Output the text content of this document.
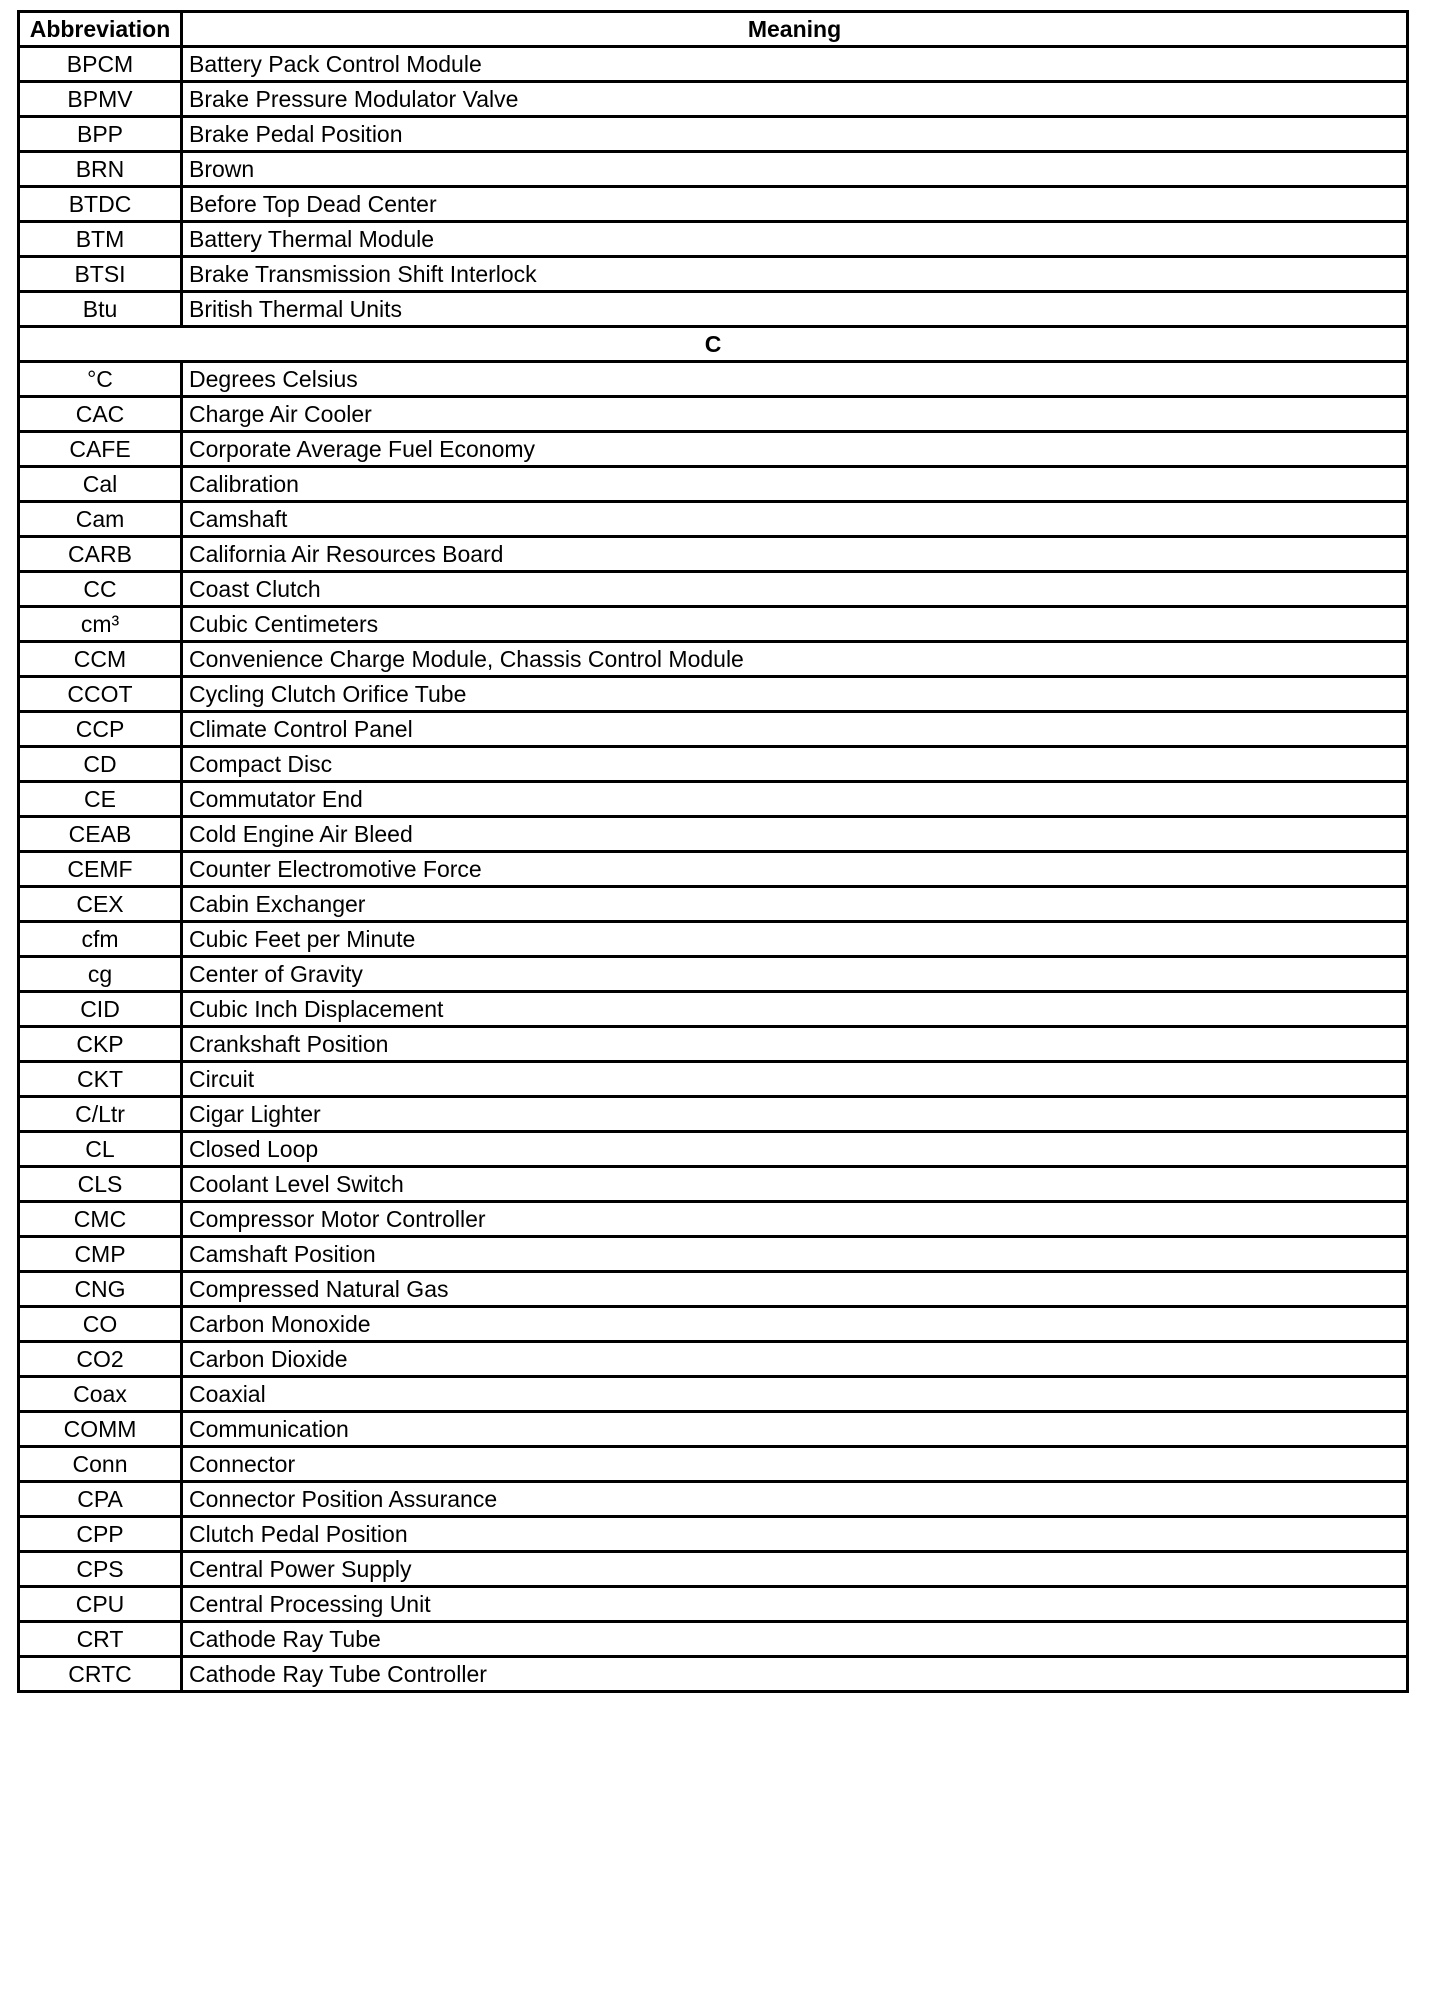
Abbreviation	Meaning
BPCM	Battery Pack Control Module
BPMV	Brake Pressure Modulator Valve
BPP	Brake Pedal Position
BRN	Brown
BTDC	Before Top Dead Center
BTM	Battery Thermal Module
BTSI	Brake Transmission Shift Interlock
Btu	British Thermal Units
C	
°C	Degrees Celsius
CAC	Charge Air Cooler
CAFE	Corporate Average Fuel Economy
Cal	Calibration
Cam	Camshaft
CARB	California Air Resources Board
CC	Coast Clutch
cm³	Cubic Centimeters
CCM	Convenience Charge Module, Chassis Control Module
CCOT	Cycling Clutch Orifice Tube
CCP	Climate Control Panel
CD	Compact Disc
CE	Commutator End
CEAB	Cold Engine Air Bleed
CEMF	Counter Electromotive Force
CEX	Cabin Exchanger
cfm	Cubic Feet per Minute
cg	Center of Gravity
CID	Cubic Inch Displacement
CKP	Crankshaft Position
CKT	Circuit
C/Ltr	Cigar Lighter
CL	Closed Loop
CLS	Coolant Level Switch
CMC	Compressor Motor Controller
CMP	Camshaft Position
CNG	Compressed Natural Gas
CO	Carbon Monoxide
CO2	Carbon Dioxide
Coax	Coaxial
COMM	Communication
Conn	Connector
CPA	Connector Position Assurance
CPP	Clutch Pedal Position
CPS	Central Power Supply
CPU	Central Processing Unit
CRT	Cathode Ray Tube
CRTC	Cathode Ray Tube Controller
